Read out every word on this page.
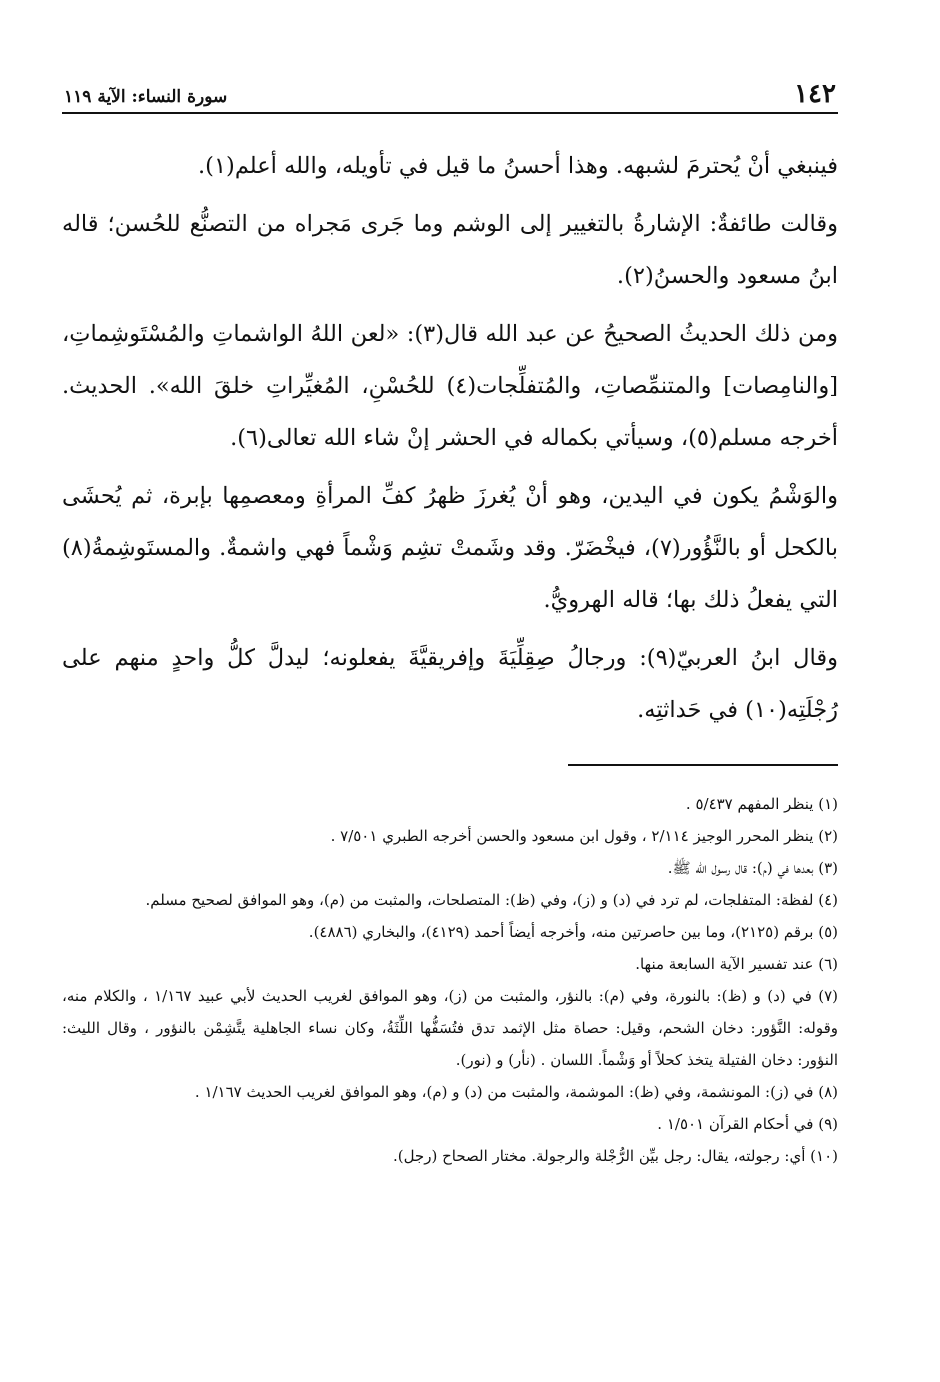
١٤٢
سورة النساء: الآية ١١٩

فينبغي أنْ يُحترمَ لشبهه. وهذا أحسنُ ما قيل في تأويله، والله أعلم(١).

وقالت طائفةٌ: الإشارةُ بالتغيير إلى الوشم وما جَرى مَجراه من التصنُّع للحُسن؛ قاله ابنُ مسعود والحسنُ(٢).

ومن ذلك الحديثُ الصحيحُ عن عبد الله قال(٣): «لعن اللهُ الواشماتِ والمُسْتَوشِماتِ، [والنامِصات] والمتنمِّصاتِ، والمُتفلِّجات(٤) للحُسْنِ، المُغيِّراتِ خلقَ الله». الحديث. أخرجه مسلم(٥)، وسيأتي بكماله في الحشر إنْ شاء الله تعالى(٦).

والوَشْمُ يكون في اليدين، وهو أنْ يُغرزَ ظهرُ كفِّ المرأةِ ومعصمِها بإبرة، ثم يُحشَى بالكحل أو بالنَّؤُور(٧)، فيخْضَرّ. وقد وشَمتْ تشِم وَشْماً فهي واشمةٌ. والمستَوشِمةُ(٨) التي يفعلُ ذلك بها؛ قاله الهرويُّ.

وقال ابنُ العربيّ(٩): ورجالُ صِقِلِّيَةَ وإفريقيَّةَ يفعلونه؛ ليدلَّ كلُّ واحدٍ منهم على رُجْلَتِه(١٠) في حَداثتِه.

(١) ينظر المفهم ٥/٤٣٧ .

(٢) ينظر المحرر الوجيز ٢/١١٤ ، وقول ابن مسعود والحسن أخرجه الطبري ٧/٥٠١ .

(٣) بعدها في (م): قال رسول الله ﷺ.

(٤) لفظة: المتفلجات، لم ترد في (د) و (ز)، وفي (ظ): المتصلحات، والمثبت من (م)، وهو الموافق لصحيح مسلم.

(٥) برقم (٢١٢٥)، وما بين حاصرتين منه، وأخرجه أيضاً أحمد (٤١٢٩)، والبخاري (٤٨٨٦).

(٦) عند تفسير الآية السابعة منها.

(٧) في (د) و (ظ): بالنورة، وفي (م): بالنؤر، والمثبت من (ز)، وهو الموافق لغريب الحديث لأبي عبيد ١/١٦٧ ، والكلام منه، وقوله: النَّؤور: دخان الشحم، وقيل: حصاة مثل الإثمد تدق فتُسَفُّها اللِّثَةُ، وكان نساء الجاهلية يتَّشِمْن بالنؤور ، وقال الليث: النؤور: دخان الفتيلة يتخذ كحلاً أو وَشْماً. اللسان . (نأر) و (نور).

(٨) في (ز): المونشمة، وفي (ظ): الموشمة، والمثبت من (د) و (م)، وهو الموافق لغريب الحديث ١/١٦٧ .

(٩) في أحكام القرآن ١/٥٠١ .

(١٠) أي: رجولته، يقال: رجل بيِّن الرُّجْلة والرجولة. مختار الصحاح (رجل).
